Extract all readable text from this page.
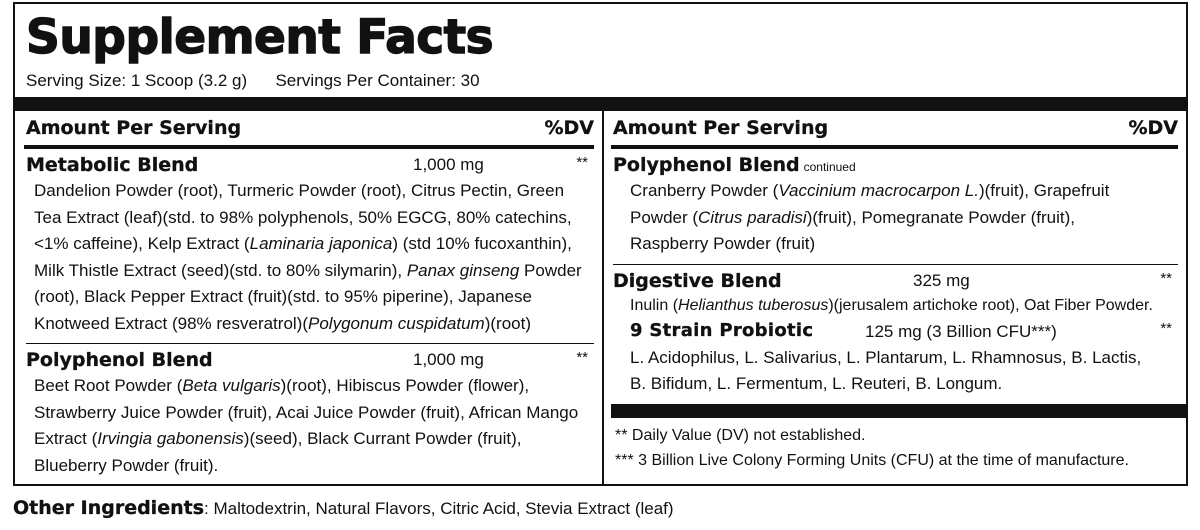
Supplement Facts
Serving Size: 1 Scoop (3.2 g) Servings Per Container: 30
Amount Per Serving	%DV
Metabolic Blend	1,000 mg	**
Dandelion Powder (root), Turmeric Powder (root), Citrus Pectin, Green
Tea Extract (leaf)(std. to 98% polyphenols, 50% EGCG, 80% catechins,
<1% caffeine), Kelp Extract (Laminaria japonica) (std 10% fucoxanthin),
Milk Thistle Extract (seed)(std. to 80% silymarin), Panax ginseng Powder
(root), Black Pepper Extract (fruit)(std. to 95% piperine), Japanese
Knotweed Extract (98% resveratrol)(Polygonum cuspidatum)(root)
Polyphenol Blend	1,000 mg	**
Beet Root Powder (Beta vulgaris)(root), Hibiscus Powder (flower),
Strawberry Juice Powder (fruit), Acai Juice Powder (fruit), African Mango
Extract (Irvingia gabonensis)(seed), Black Currant Powder (fruit),
Blueberry Powder (fruit).
Amount Per Serving	%DV
Polyphenol Blend continued
Cranberry Powder (Vaccinium macrocarpon L.)(fruit), Grapefruit
Powder (Citrus paradisi)(fruit), Pomegranate Powder (fruit),
Raspberry Powder (fruit)
Digestive Blend	325 mg	**
Inulin (Helianthus tuberosus)(jerusalem artichoke root), Oat Fiber Powder.
9 Strain Probiotic	125 mg (3 Billion CFU***)	**
L. Acidophilus, L. Salivarius, L. Plantarum, L. Rhamnosus, B. Lactis,
B. Bifidum, L. Fermentum, L. Reuteri, B. Longum.
** Daily Value (DV) not established.
*** 3 Billion Live Colony Forming Units (CFU) at the time of manufacture.
Other Ingredients: Maltodextrin, Natural Flavors, Citric Acid, Stevia Extract (leaf)
